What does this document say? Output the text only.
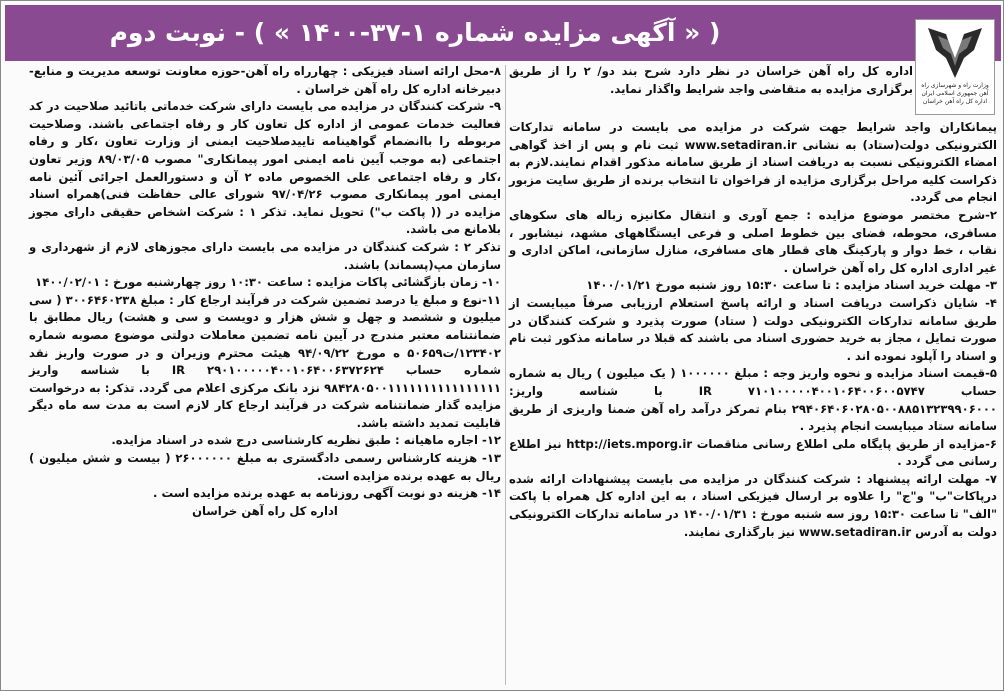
( « آگهی مزایده شماره ۱-۳۷-۱۴۰۰ » ) - نوبت دوم
وزارت راه و شهرسازی راه آهن جمهوری اسلامی ایران اداره کل راه آهن خراسان

اداره کل راه آهن خراسان در نظر دارد شرح بند دو/ ۲ را از طریق برگزاری مزایده به متقاضی واجد شرایط واگذار نماید.

پیمانکاران واجد شرایط جهت شرکت در مزایده می بایست در سامانه تدارکات الکترونیکی دولت(ستاد) به نشانی www.setadiran.ir ثبت نام و پس از اخذ گواهی امضاء الکترونیکی نسبت به دریافت اسناد از طریق سامانه مذکور اقدام نمایند.لازم به ذکراست کلیه مراحل برگزاری مزایده از فراخوان تا انتخاب برنده از طریق سایت مزبور انجام می گردد.

۲-شرح مختصر موضوع مزایده : جمع آوری و انتقال مکانیزه زباله های سکوهای مسافری، محوطه، فضای بین خطوط اصلی و فرعی ایستگاههای مشهد، نیشابور ، نقاب ، خط دوار و پارکینگ های قطار های مسافری، منازل سازمانی، اماکن اداری و غیر اداری اداره کل راه آهن خراسان .

۳- مهلت خرید اسناد مزایده : تا ساعت ۱۵:۳۰ روز شنبه مورخ ۱۴۰۰/۰۱/۲۱

۴- شایان ذکراست دریافت اسناد و ارائه پاسخ استعلام ارزیابی صرفاً میبایست از طریق سامانه تدارکات الکترونیکی دولت ( ستاد) صورت پذیرد و شرکت کنندگان در صورت تمایل ، مجاز به خرید حضوری اسناد می باشند که قبلا در سامانه مذکور ثبت نام و اسناد را آپلود نموده اند .

۵-قیمت اسناد مزایده و نحوه واریز وجه : مبلغ ۱۰۰۰۰۰۰ ( یک میلیون ) ریال به شماره حساب IR ۷۱۰۱۰۰۰۰۰۴۰۰۱۰۶۴۰۰۶۰۰۵۷۴۷ با شناسه واریز: ۲۹۴۰۶۴۰۶۰۲۸۰۵۰۰۸۸۵۱۳۲۳۹۹۰۶۰۰۰ بنام تمرکز درآمد راه آهن ضمنا واریزی از طریق سامانه ستاد میبایست انجام پذیرد .

۶-مزایده از طریق پایگاه ملی اطلاع رسانی مناقصات http://iets.mporg.ir نیز اطلاع رسانی می گردد .

۷- مهلت ارائه پیشنهاد : شرکت کنندگان در مزایده می بایست پیشنهادات ارائه شده درپاکات"ب" و"ج" را علاوه بر ارسال فیزیکی اسناد ، به این اداره کل همراه با پاکت "الف" تا ساعت ۱۵:۳۰ روز سه شنبه مورخ : ۱۴۰۰/۰۱/۳۱ در سامانه تدارکات الکترونیکی دولت به آدرس www.setadiran.ir نیز بارگذاری نمایند.

۸-محل ارائه اسناد فیزیکی : چهارراه راه آهن-حوزه معاونت توسعه مدیریت و منابع-دبیرخانه اداره کل راه آهن خراسان .

۹- شرکت کنندگان در مزایده می بایست دارای شرکت خدماتی باتائید صلاحیت در کد فعالیت خدمات عمومی از اداره کل تعاون کار و رفاه اجتماعی باشند. وصلاحیت مربوطه را باانضمام گواهینامه تاییدصلاحیت ایمنی از وزارت تعاون ،کار و رفاه اجتماعی (به موجب آیین نامه ایمنی امور پیمانکاری" مصوب ۸۹/۰۳/۰۵ وزیر تعاون ،کار و رفاه اجتماعی علی الخصوص ماده ۲ آن و دستورالعمل اجرائی آئین نامه ایمنی امور پیمانکاری مصوب ۹۷/۰۴/۲۶ شورای عالی حفاظت فنی)همراه اسناد مزایده در (( پاکت ب") تحویل نماید. تذکر ۱ : شرکت اشخاص حقیقی دارای مجوز بلامانع می باشد.

تذکر ۲ : شرکت کنندگان در مزایده می بایست دارای مجوزهای لازم از شهرداری و سازمان مپ(پسماند) باشند.

۱۰- زمان بازگشائی پاکات مزایده : ساعت ۱۰:۳۰ روز چهارشنبه مورخ : ۱۴۰۰/۰۲/۰۱

۱۱-نوع و مبلغ یا درصد تضمین شرکت در فرآیند ارجاع کار : مبلغ ۳۰۰۶۴۶۰۲۳۸ ( سی میلیون و ششصد و چهل و شش هزار و دویست و سی و هشت) ریال مطابق با ضمانتنامه معتبر مندرج در آیین نامه تضمین معاملات دولتی موضوع مصوبه شماره ۱۲۳۴۰۲/ت۵۰۶۵۹ ه مورخ ۹۴/۰۹/۲۲ هیئت محترم وزیران و در صورت واریز نقد شماره حساب IR ۲۹۰۱۰۰۰۰۰۴۰۰۱۰۶۴۰۰۶۳۷۲۶۲۴ با شناسه واریز ۹۸۴۲۸۰۵۰۰۱۱۱۱۱۱۱۱۱۱۱۱۱۱۱۱ نزد بانک مرکزی اعلام می گردد. تذکر: به درخواست مزایده گذار ضمانتنامه شرکت در فرآیند ارجاع کار لازم است به مدت سه ماه دیگر قابلیت تمدید داشته باشد.

۱۲- اجاره ماهیانه : طبق نظریه کارشناسی درج شده در اسناد مزایده.

۱۳- هزینه کارشناس رسمی دادگستری به مبلغ ۲۶۰۰۰۰۰۰ ( بیست و شش میلیون ) ریال به عهده برنده مزایده است.

۱۴- هزینه دو نوبت آگهی روزنامه به عهده برنده مزایده است .

اداره کل راه آهن خراسان
